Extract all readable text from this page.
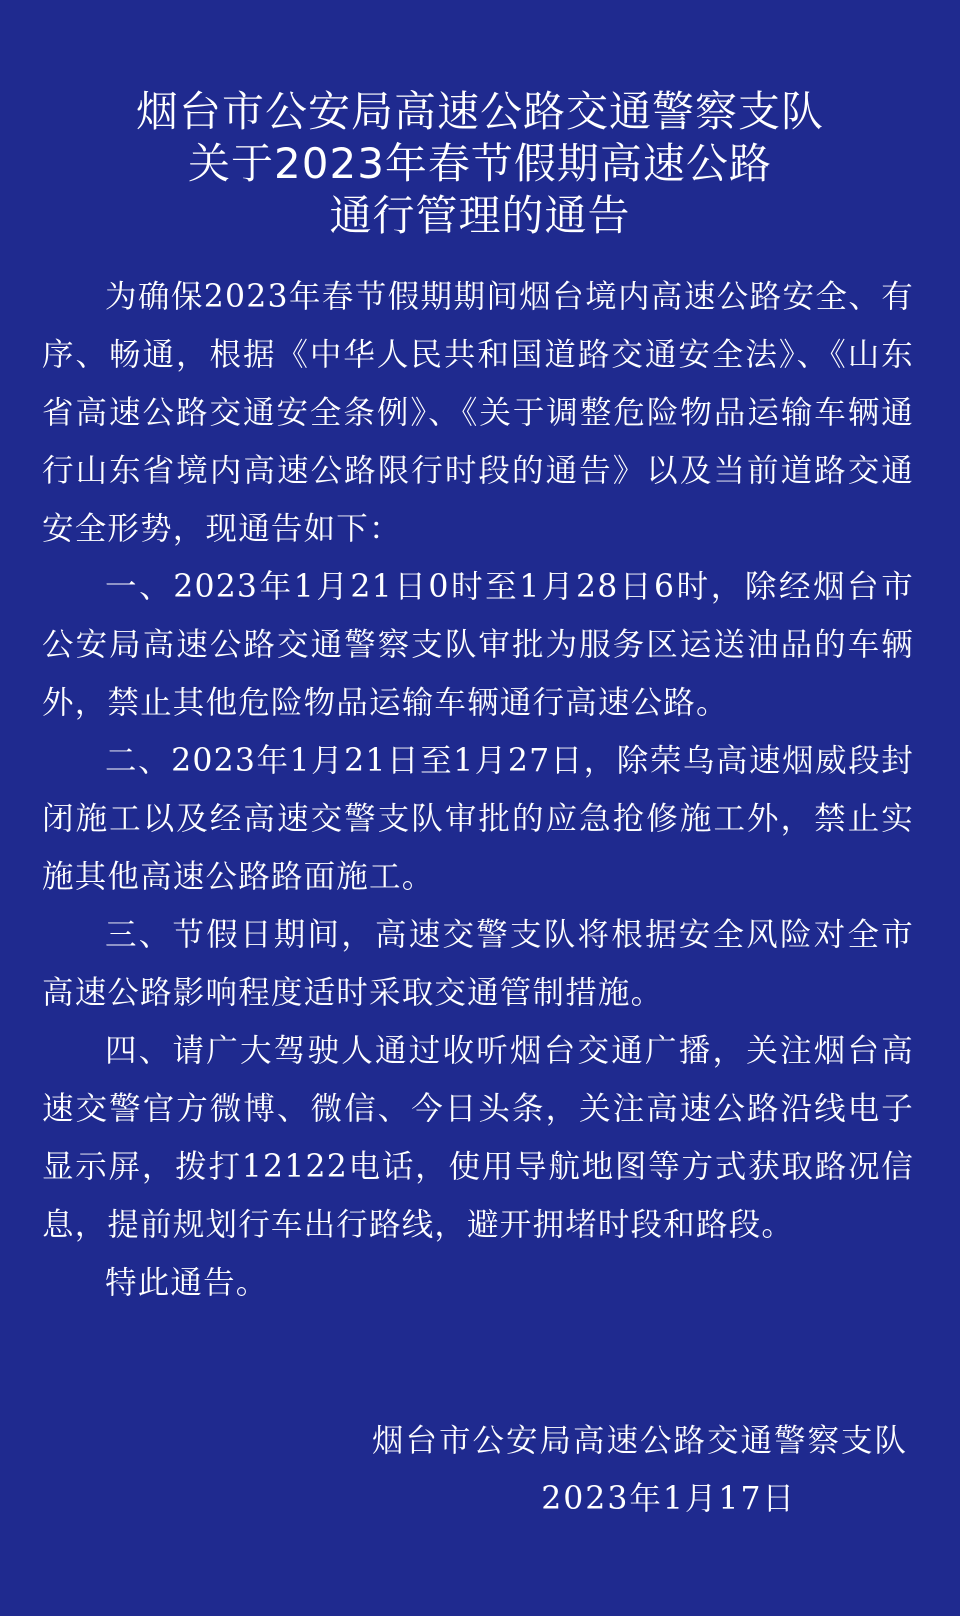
烟台市公安局高速公路交通警察支队
关于2023年春节假期高速公路
通行管理的通告

为确保2023年春节假期期间烟台境内高速公路安全、有序、畅通，根据《中华人民共和国道路交通安全法》、《山东省高速公路交通安全条例》、《关于调整危险物品运输车辆通行山东省境内高速公路限行时段的通告》以及当前道路交通安全形势，现通告如下：

一、2023年1月21日0时至1月28日6时，除经烟台市公安局高速公路交通警察支队审批为服务区运送油品的车辆外，禁止其他危险物品运输车辆通行高速公路。

二、2023年1月21日至1月27日，除荣乌高速烟威段封闭施工以及经高速交警支队审批的应急抢修施工外，禁止实施其他高速公路路面施工。

三、节假日期间，高速交警支队将根据安全风险对全市高速公路影响程度适时采取交通管制措施。

四、请广大驾驶人通过收听烟台交通广播，关注烟台高速交警官方微博、微信、今日头条，关注高速公路沿线电子显示屏，拨打12122电话，使用导航地图等方式获取路况信息，提前规划行车出行路线，避开拥堵时段和路段。

特此通告。

烟台市公安局高速公路交通警察支队
2023年1月17日
